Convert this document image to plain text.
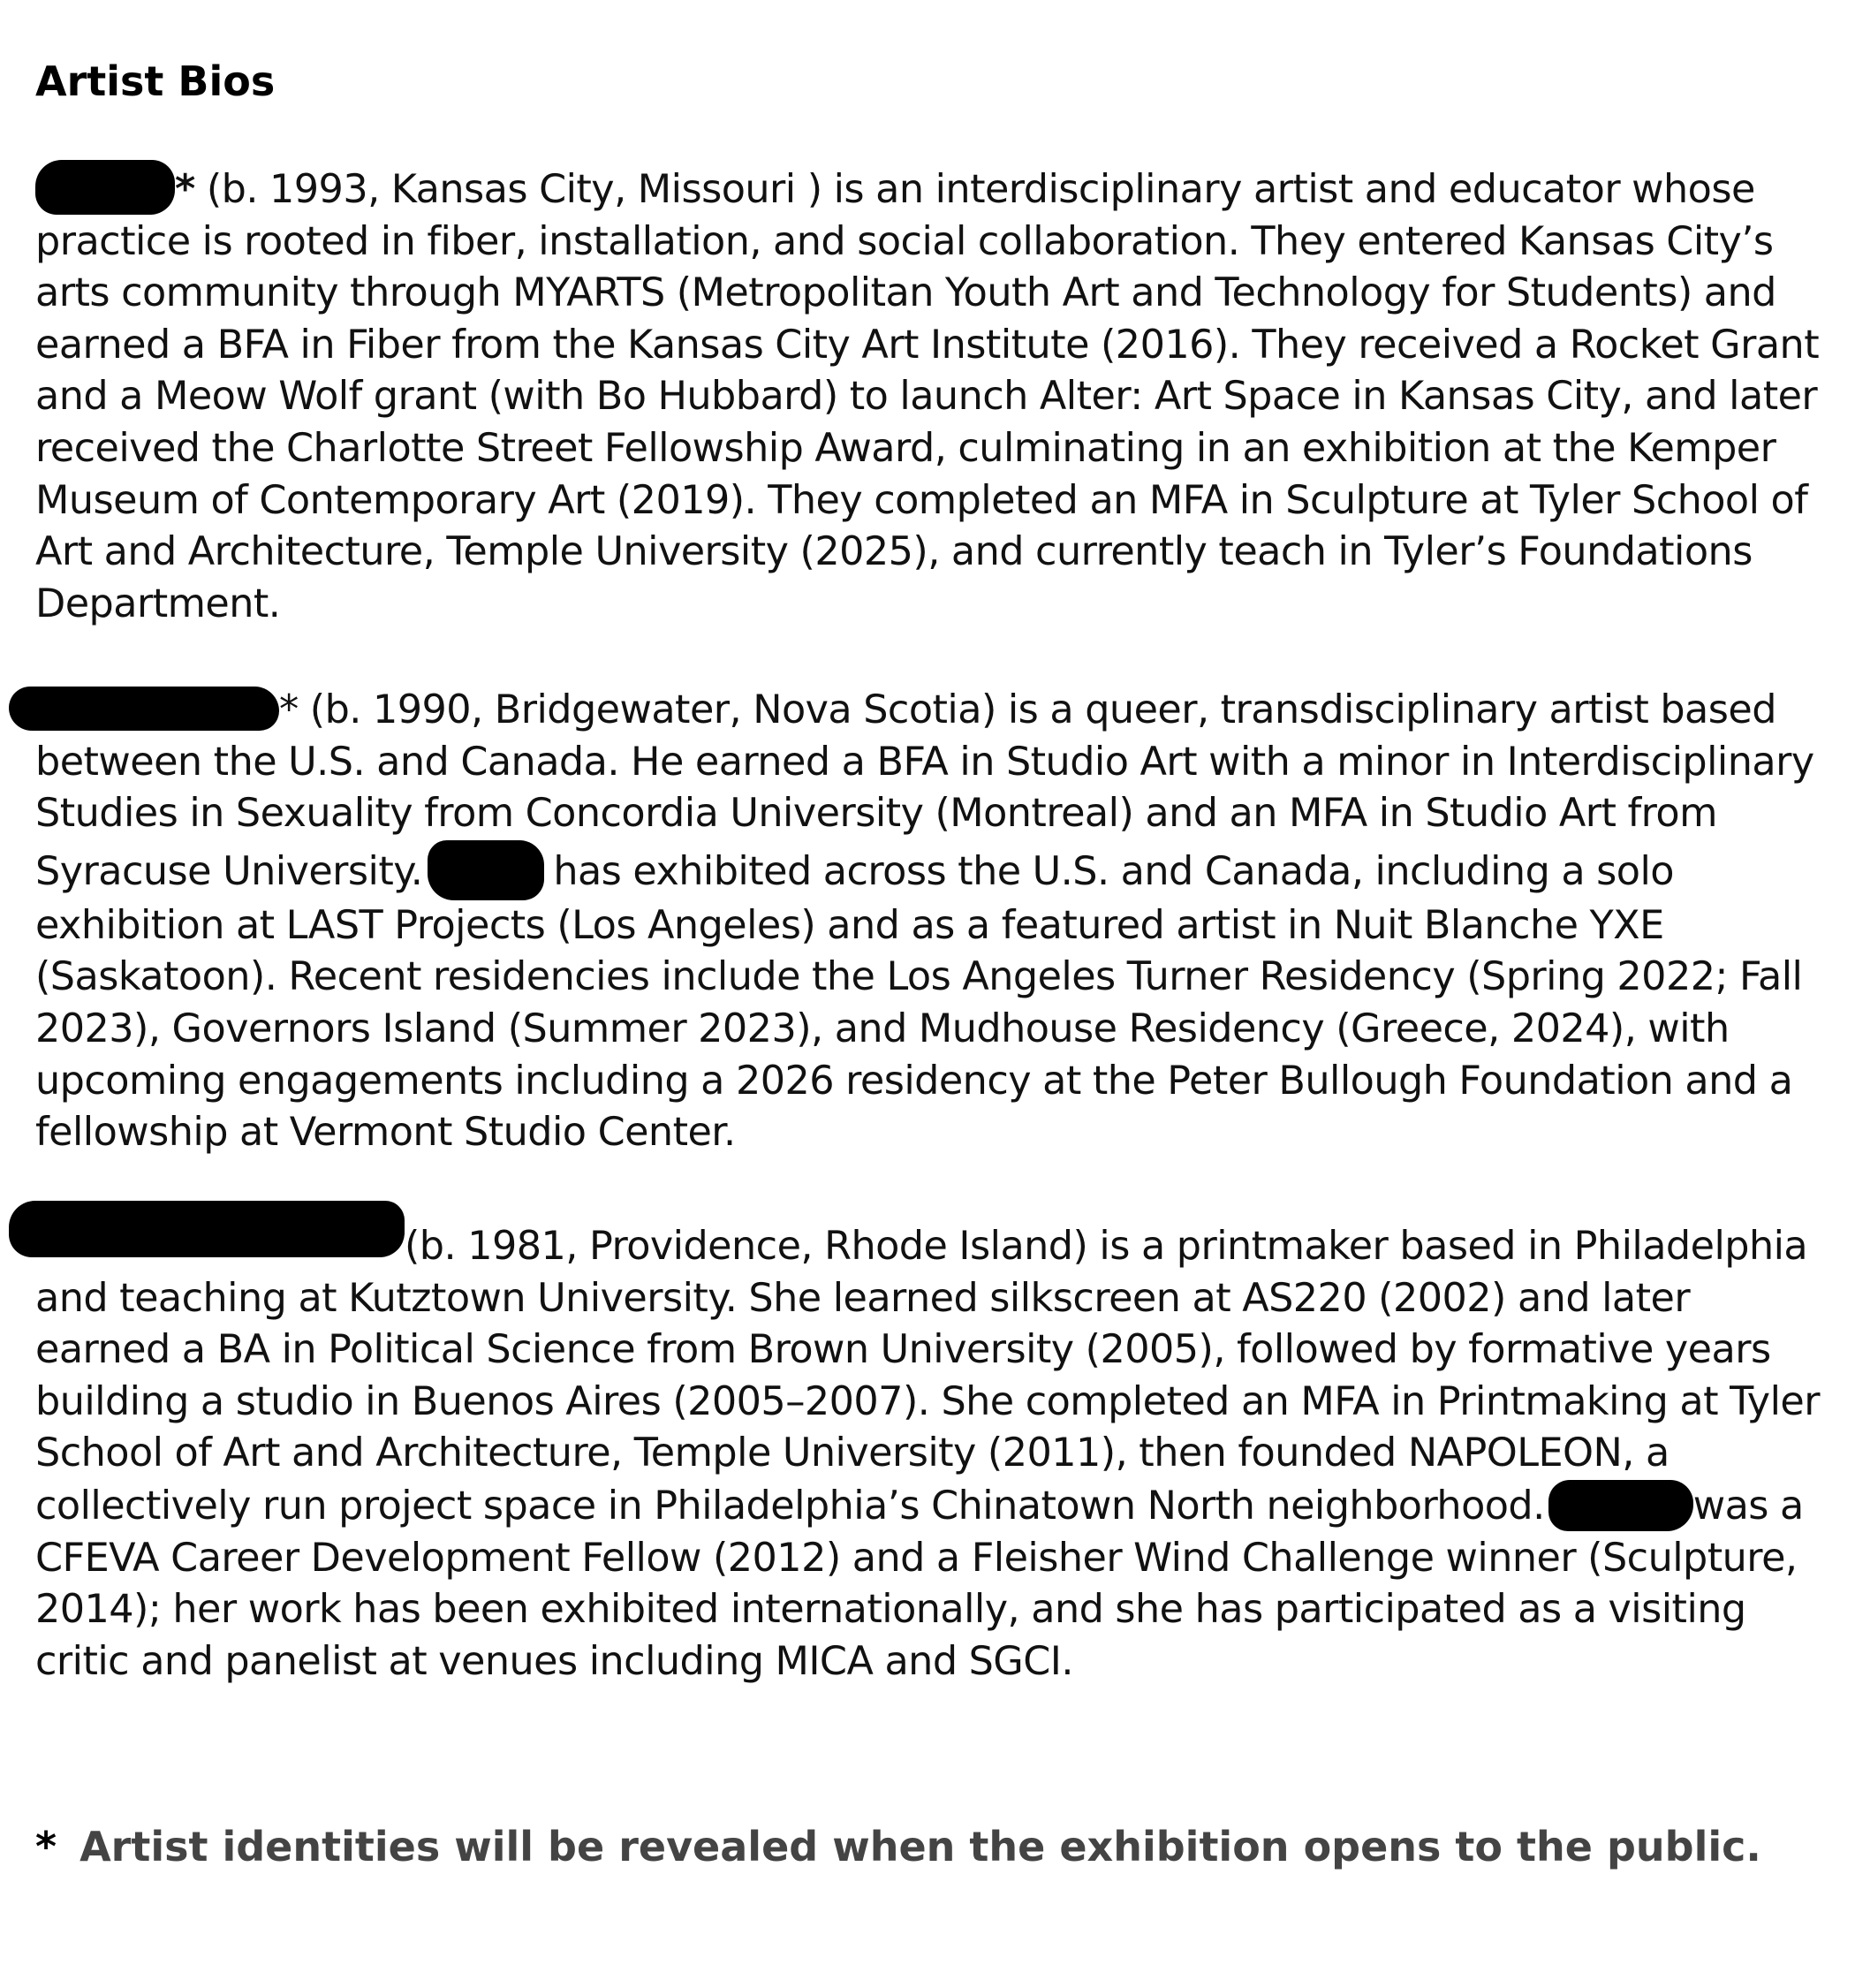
Artist Bios

* (b. 1993, Kansas City, Missouri ) is an interdisciplinary artist and educator whose practice is rooted in fiber, installation, and social collaboration. They entered Kansas City’s arts community through MYARTS (Metropolitan Youth Art and Technology for Students) and earned a BFA in Fiber from the Kansas City Art Institute (2016). They received a Rocket Grant and a Meow Wolf grant (with Bo Hubbard) to launch Alter: Art Space in Kansas City, and later received the Charlotte Street Fellowship Award, culminating in an exhibition at the Kemper Museum of Contemporary Art (2019). They completed an MFA in Sculpture at Tyler School of Art and Architecture, Temple University (2025), and currently teach in Tyler’s Foundations Department.

* (b. 1990, Bridgewater, Nova Scotia) is a queer, transdisciplinary artist based between the U.S. and Canada. He earned a BFA in Studio Art with a minor in Interdisciplinary Studies in Sexuality from Concordia University (Montreal) and an MFA in Studio Art from Syracuse University.	has exhibited across the U.S. and Canada, including a solo exhibition at LAST Projects (Los Angeles) and as a featured artist in Nuit Blanche YXE (Saskatoon). Recent residencies include the Los Angeles Turner Residency (Spring 2022; Fall 2023), Governors Island (Summer 2023), and Mudhouse Residency (Greece, 2024), with upcoming engagements including a 2026 residency at the Peter Bullough Foundation and a fellowship at Vermont Studio Center.

(b. 1981, Providence, Rhode Island) is a printmaker based in Philadelphia and teaching at Kutztown University. She learned silkscreen at AS220 (2002) and later earned a BA in Political Science from Brown University (2005), followed by formative years building a studio in Buenos Aires (2005–2007). She completed an MFA in Printmaking at Tyler School of Art and Architecture, Temple University (2011), then founded NAPOLEON, a collectively run project space in Philadelphia’s Chinatown North neighborhood.	was a CFEVA Career Development Fellow (2012) and a Fleisher Wind Challenge winner (Sculpture, 2014); her work has been exhibited internationally, and she has participated as a visiting critic and panelist at venues including MICA and SGCI.

* Artist identities will be revealed when the exhibition opens to the public.
